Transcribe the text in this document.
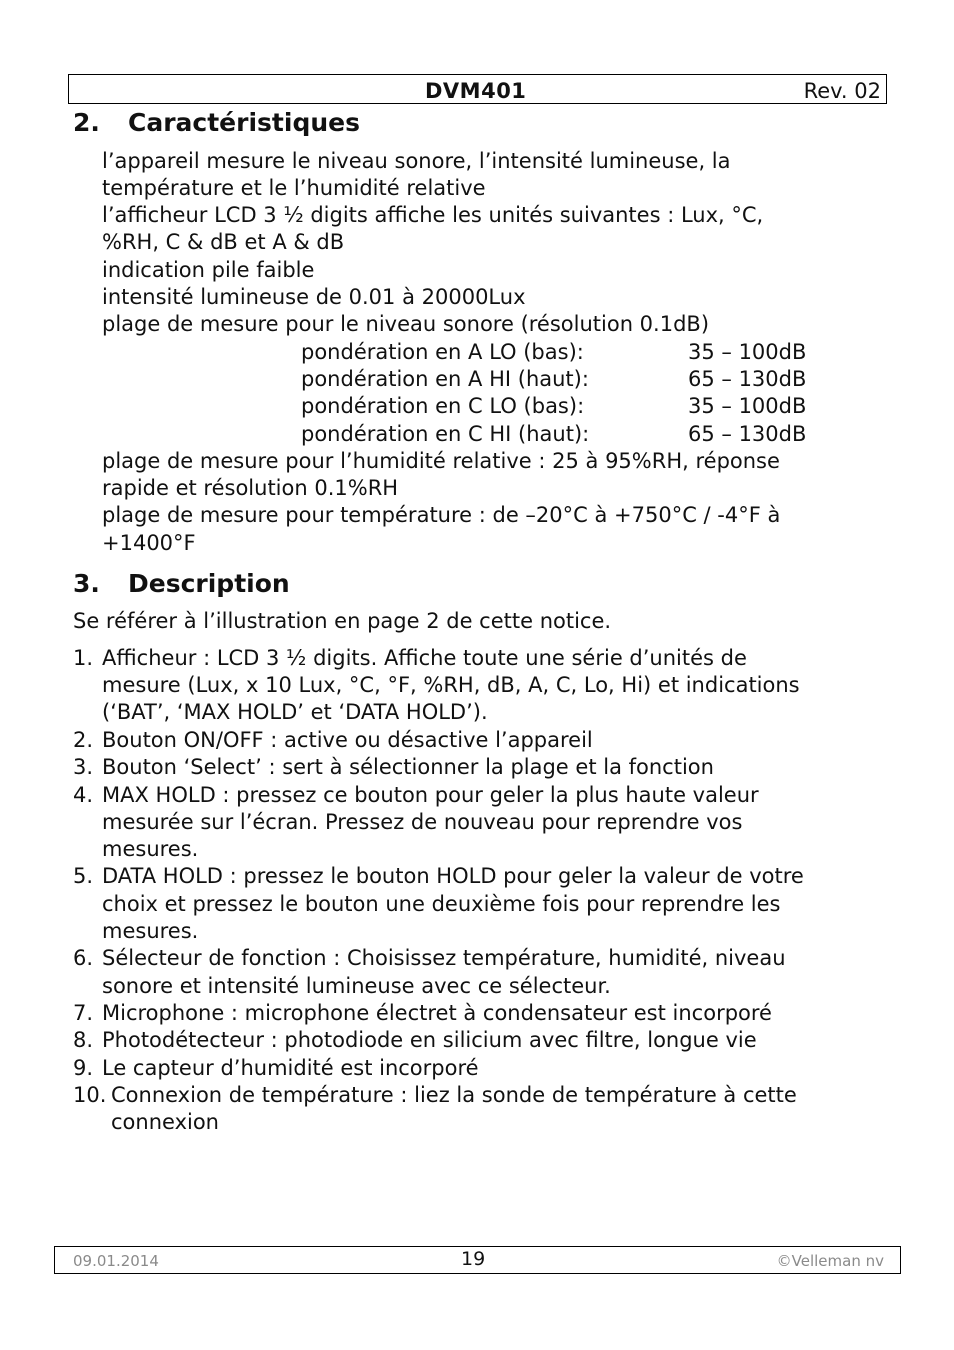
DVM401	Rev. 02
2. Caractéristiques
l’appareil mesure le niveau sonore, l’intensité lumineuse, la
température et le l’humidité relative
l’afficheur LCD 3 ½ digits affiche les unités suivantes : Lux, °C,
%RH, C & dB et A & dB
indication pile faible
intensité lumineuse de 0.01 à 20000Lux
plage de mesure pour le niveau sonore (résolution 0.1dB)
pondération en A LO (bas):	35 – 100dB
pondération en A HI (haut):	65 – 130dB
pondération en C LO (bas):	35 – 100dB
pondération en C HI (haut):	65 – 130dB
plage de mesure pour l’humidité relative : 25 à 95%RH, réponse
rapide et résolution 0.1%RH
plage de mesure pour température : de –20°C à +750°C / -4°F à
+1400°F
3. Description
Se référer à l’illustration en page 2 de cette notice.
1. Afficheur : LCD 3 ½ digits. Affiche toute une série d’unités de
mesure (Lux, x 10 Lux, °C, °F, %RH, dB, A, C, Lo, Hi) et indications
(‘BAT’, ‘MAX HOLD’ et ‘DATA HOLD’).
2. Bouton ON/OFF : active ou désactive l’appareil
3. Bouton ‘Select’ : sert à sélectionner la plage et la fonction
4. MAX HOLD : pressez ce bouton pour geler la plus haute valeur
mesurée sur l’écran. Pressez de nouveau pour reprendre vos
mesures.
5. DATA HOLD : pressez le bouton HOLD pour geler la valeur de votre
choix et pressez le bouton une deuxième fois pour reprendre les
mesures.
6. Sélecteur de fonction : Choisissez température, humidité, niveau
sonore et intensité lumineuse avec ce sélecteur.
7. Microphone : microphone électret à condensateur est incorporé
8. Photodétecteur : photodiode en silicium avec filtre, longue vie
9. Le capteur d’humidité est incorporé
10. Connexion de température : liez la sonde de température à cette
connexion
09.01.2014	19	©Velleman nv
